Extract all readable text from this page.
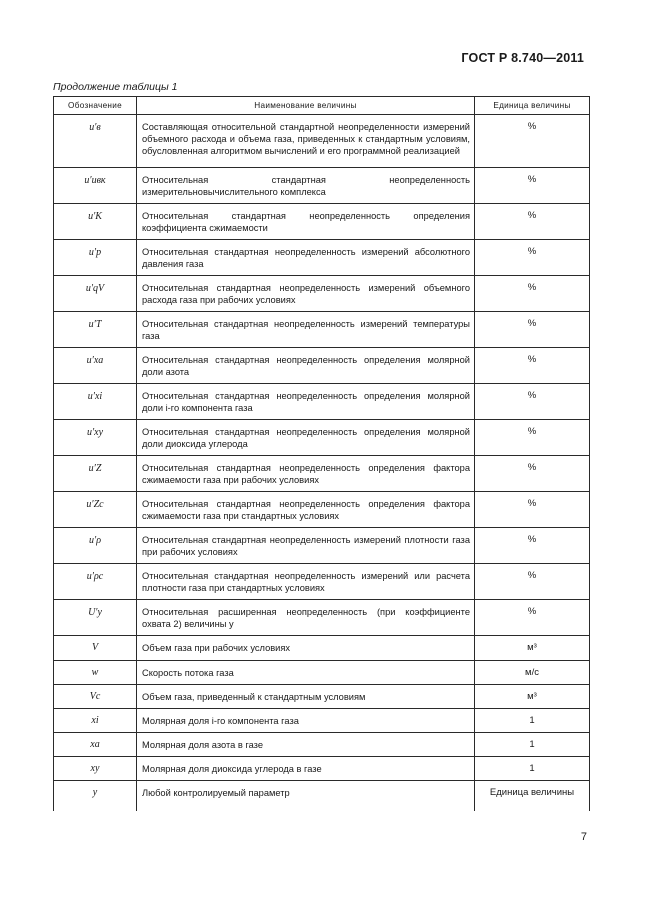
ГОСТ Р 8.740—2011
Продолжение таблицы 1
Обозначение	Наименование величины	Единица величины
u′в	Составляющая относительной стандартной неопределенности измерений объемного расхода и объема газа, приведенных к стандартным условиям, обусловленная алгоритмом вычислений и его программной реализацией	%
u′ивк	Относительная стандартная неопределенность измерительновычислительного комплекса	%
u′K	Относительная стандартная неопределенность определения коэффициента сжимаемости	%
u′p	Относительная стандартная неопределенность измерений абсолютного давления газа	%
u′qV	Относительная стандартная неопределенность измерений объемного расхода газа при рабочих условиях	%
u′T	Относительная стандартная неопределенность измерений температуры газа	%
u′xa	Относительная стандартная неопределенность определения молярной доли азота	%
u′xi	Относительная стандартная неопределенность определения молярной доли i-го компонента газа	%
u′xy	Относительная стандартная неопределенность определения молярной доли диоксида углерода	%
u′Z	Относительная стандартная неопределенность определения фактора сжимаемости газа при рабочих условиях	%
u′Zc	Относительная стандартная неопределенность определения фактора сжимаемости газа при стандартных условиях	%
u′ρ	Относительная стандартная неопределенность измерений плотности газа при рабочих условиях	%
u′ρc	Относительная стандартная неопределенность измерений или расчета плотности газа при стандартных условиях	%
U′y	Относительная расширенная неопределенность (при коэффициенте охвата 2) величины y	%
V	Объем газа при рабочих условиях	м³
w	Скорость потока газа	м/с
Vc	Объем газа, приведенный к стандартным условиям	м³
xi	Молярная доля i-го компонента газа	1
xa	Молярная доля азота в газе	1
xy	Молярная доля диоксида углерода в газе	1
y	Любой контролируемый параметр	Единица величины
7
